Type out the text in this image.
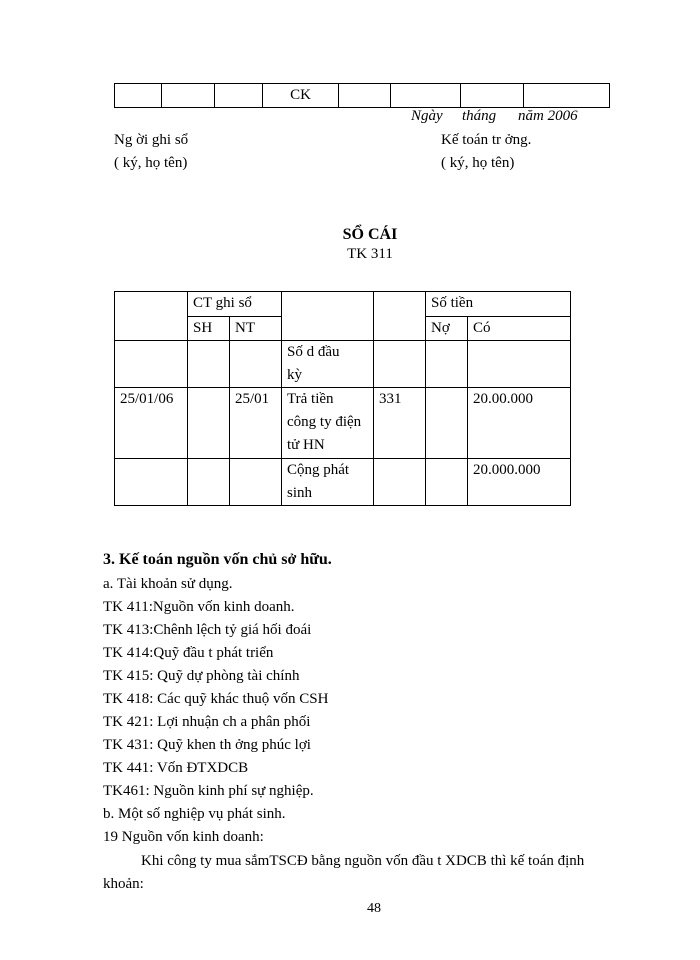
			CK				
Ngày tháng năm 2006
Ng ời ghi sổ
( ký, họ tên)
Kế toán tr ởng.
( ký, họ tên)
SỔ CÁI
TK 311
	CT ghi sổ				Số tiền	
	SH	NT			Nợ	Có

			Số d đầu
kỳ			

25/01/06		25/01	Trả tiền
công ty điện
tử HN	331		20.00.000

			Cộng phát
sinh			20.000.000
3. Kế toán nguồn vốn chủ sở hữu.
a. Tài khoản sử dụng.
TK 411:Nguồn vốn kinh doanh.
TK 413:Chênh lệch tỷ giá hối đoái
TK 414:Quỹ đầu t phát triển
TK 415: Quỹ dự phòng tài chính
TK 418: Các quỹ khác thuộ vốn CSH
TK 421: Lợi nhuận ch a phân phối
TK 431: Quỹ khen th ởng phúc lợi
TK 441: Vốn ĐTXDCB
TK461: Nguồn kinh phí sự nghiệp.
b. Một số nghiệp vụ phát sinh.
19 Nguồn vốn kinh doanh:
Khi công ty mua sắmTSCĐ bằng nguồn vốn đầu t XDCB thì kế toán định
khoản:
48
